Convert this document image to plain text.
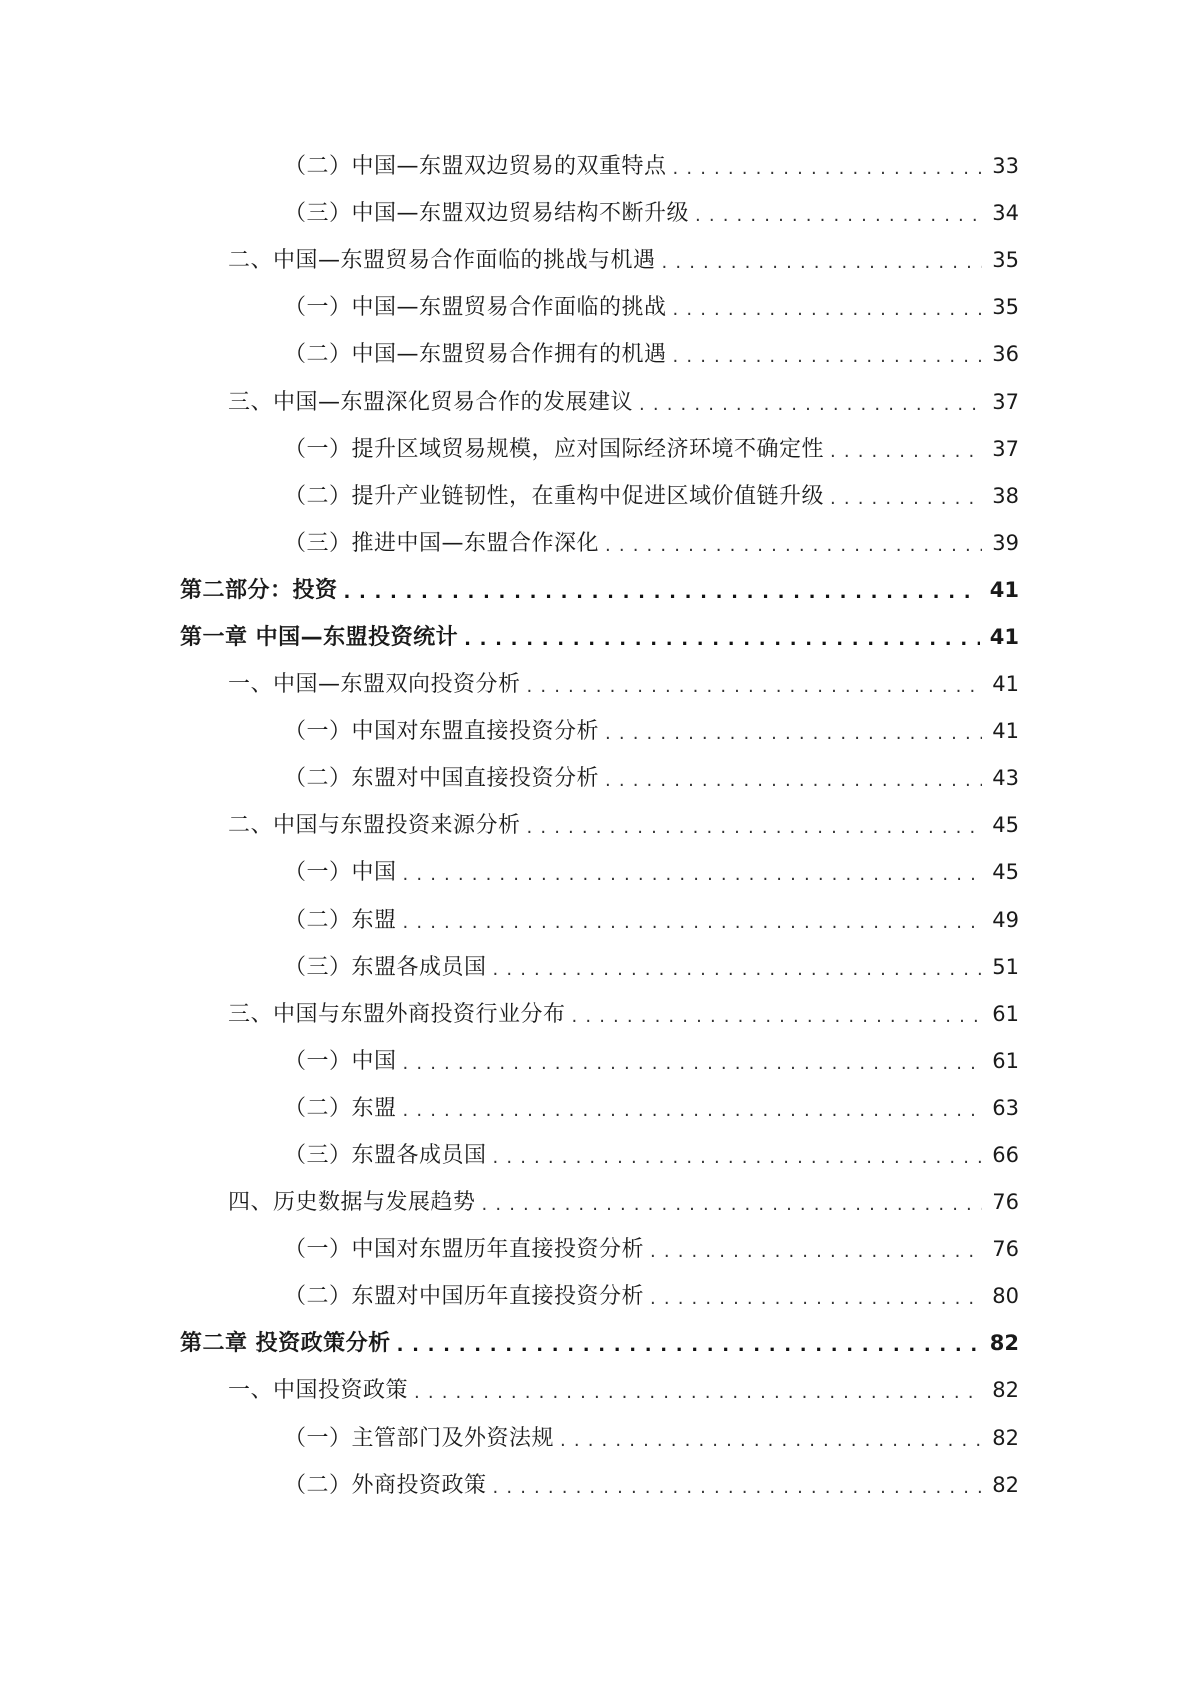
（二）中国—东盟双边贸易的双重特点 . . .	33
（三）中国—东盟双边贸易结构不断升级 . . .	34
二、中国—东盟贸易合作面临的挑战与机遇 . . .	35
（一）中国—东盟贸易合作面临的挑战 . . .	35
（二）中国—东盟贸易合作拥有的机遇 . . .	36
三、中国—东盟深化贸易合作的发展建议 . . .	37
（一）提升区域贸易规模，应对国际经济环境不确定性 . . .	37
（二）提升产业链韧性，在重构中促进区域价值链升级 . . .	38
（三）推进中国—东盟合作深化 . . .	39
第二部分：投资 . . .	41
第一章 中国—东盟投资统计 . . .	41
一、中国—东盟双向投资分析 . . .	41
（一）中国对东盟直接投资分析 . . .	41
（二）东盟对中国直接投资分析 . . .	43
二、中国与东盟投资来源分析 . . .	45
（一）中国 . . .	45
（二）东盟 . . .	49
（三）东盟各成员国 . . .	51
三、中国与东盟外商投资行业分布 . . .	61
（一）中国 . . .	61
（二）东盟 . . .	63
（三）东盟各成员国 . . .	66
四、历史数据与发展趋势 . . .	76
（一）中国对东盟历年直接投资分析 . . .	76
（二）东盟对中国历年直接投资分析 . . .	80
第二章 投资政策分析 . . .	82
一、中国投资政策 . . .	82
（一）主管部门及外资法规 . . .	82
（二）外商投资政策 . . .	82
